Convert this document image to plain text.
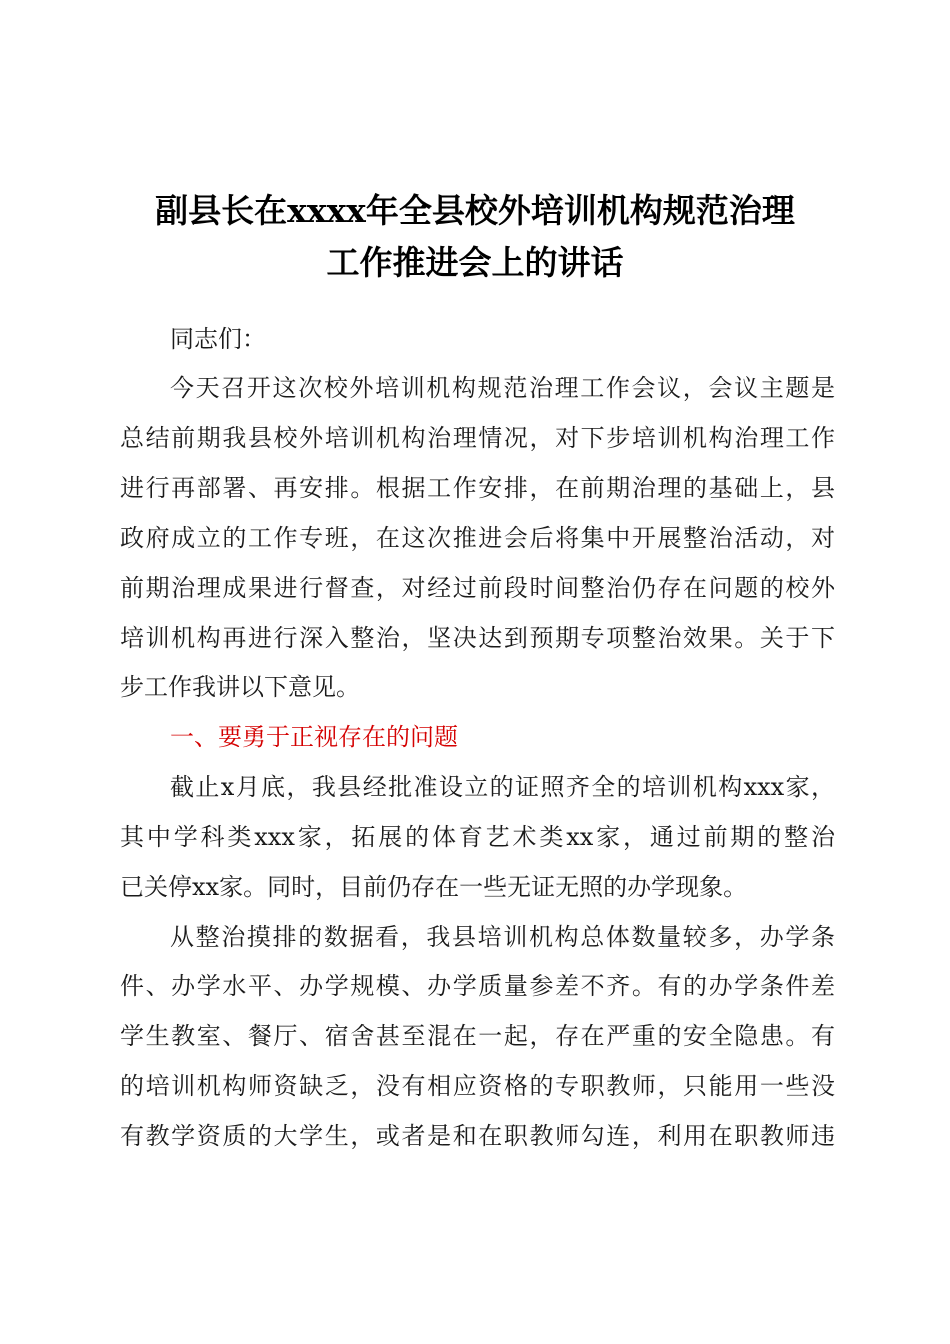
副县长在xxxx年全县校外培训机构规范治理
工作推进会上的讲话
同志们：
今天召开这次校外培训机构规范治理工作会议，会议主题是
总结前期我县校外培训机构治理情况，对下步培训机构治理工作
进行再部署、再安排。根据工作安排，在前期治理的基础上，县
政府成立的工作专班，在这次推进会后将集中开展整治活动，对
前期治理成果进行督查，对经过前段时间整治仍存在问题的校外
培训机构再进行深入整治，坚决达到预期专项整治效果。关于下
步工作我讲以下意见。
一、要勇于正视存在的问题
截止x月底，我县经批准设立的证照齐全的培训机构xxx家，
其中学科类xxx家，拓展的体育艺术类xx家，通过前期的整治
已关停xx家。同时，目前仍存在一些无证无照的办学现象。
从整治摸排的数据看，我县培训机构总体数量较多，办学条
件、办学水平、办学规模、办学质量参差不齐。有的办学条件差
学生教室、餐厅、宿舍甚至混在一起，存在严重的安全隐患。有
的培训机构师资缺乏，没有相应资格的专职教师，只能用一些没
有教学资质的大学生，或者是和在职教师勾连，利用在职教师违
